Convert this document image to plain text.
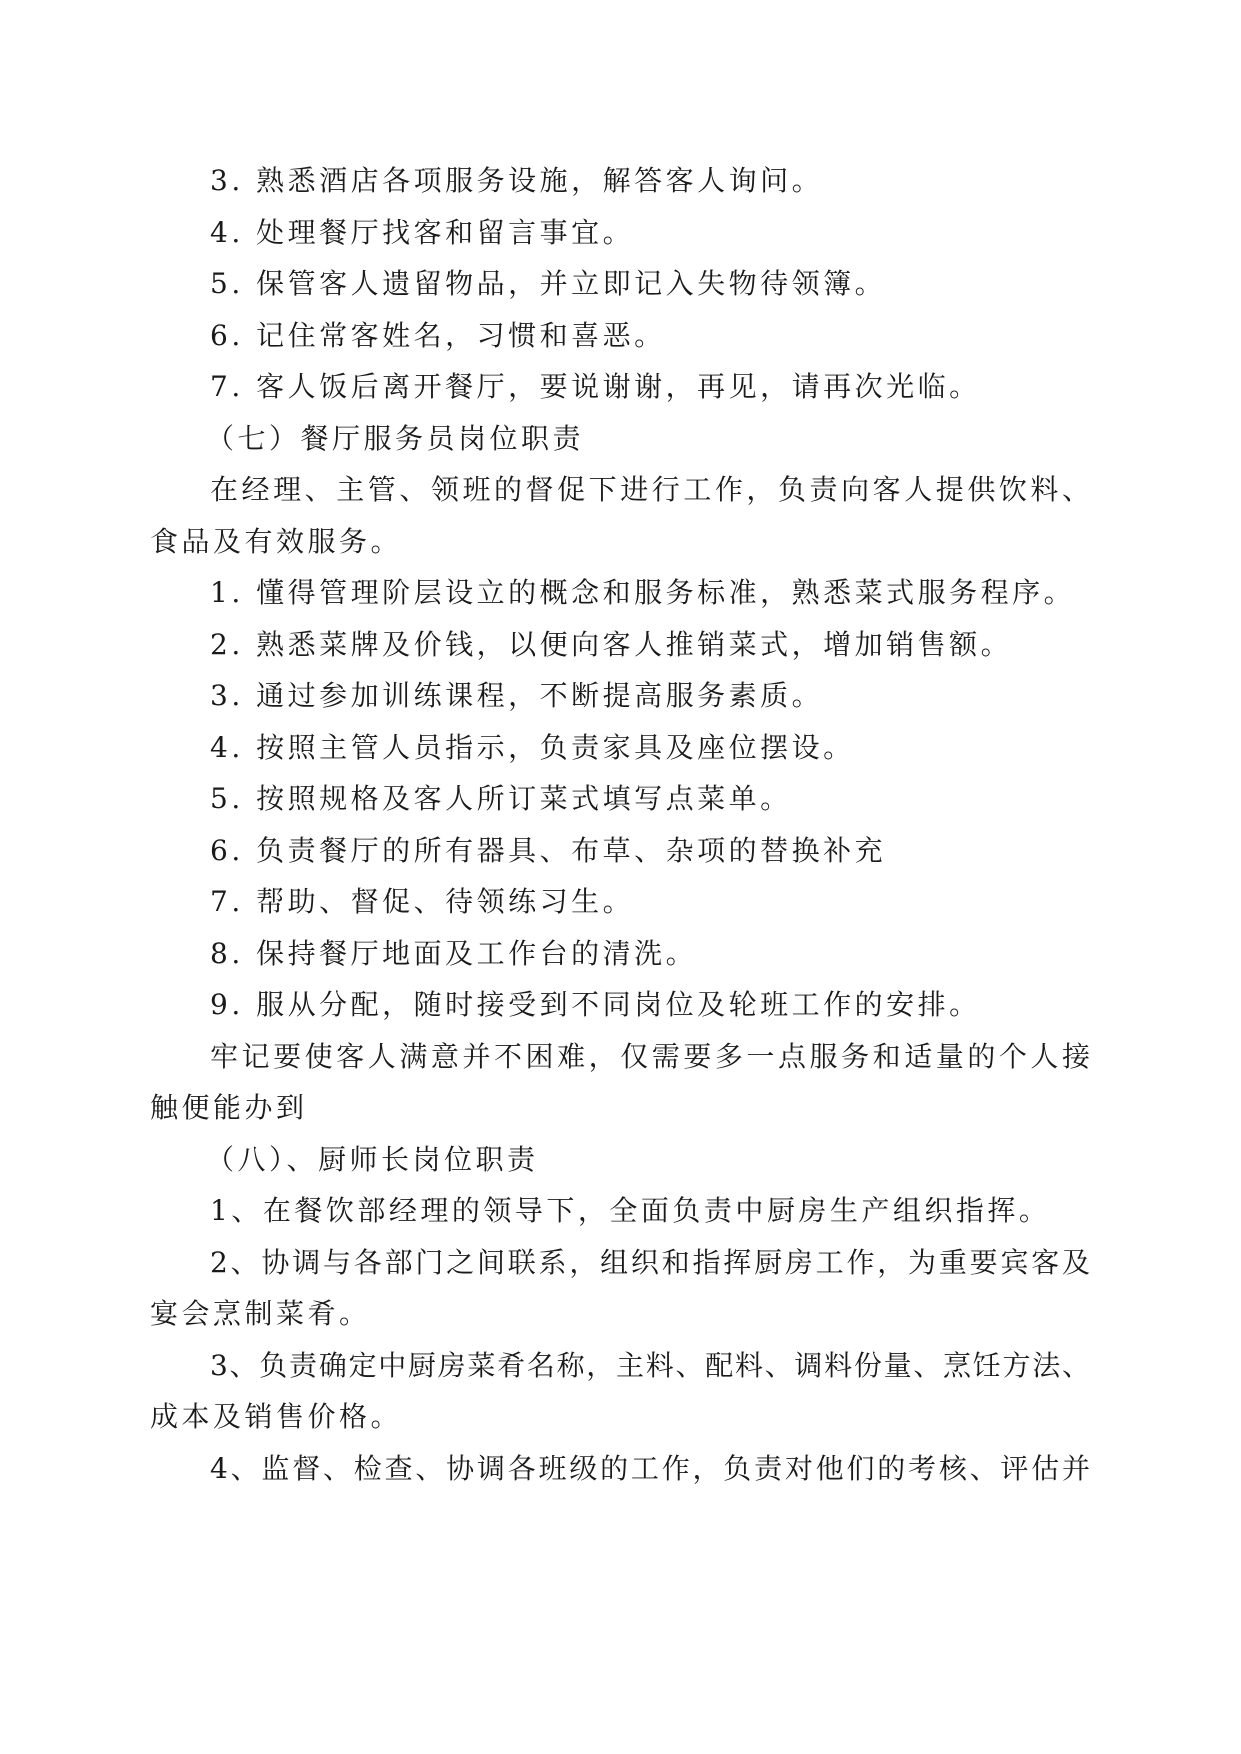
3. 熟悉酒店各项服务设施，解答客人询问。
4. 处理餐厅找客和留言事宜。
5. 保管客人遗留物品，并立即记入失物待领簿。
6. 记住常客姓名，习惯和喜恶。
7. 客人饭后离开餐厅，要说谢谢，再见，请再次光临。
（七）餐厅服务员岗位职责
在经理、主管、领班的督促下进行工作，负责向客人提供饮料、
食品及有效服务。
1. 懂得管理阶层设立的概念和服务标准，熟悉菜式服务程序。
2. 熟悉菜牌及价钱，以便向客人推销菜式，增加销售额。
3. 通过参加训练课程，不断提高服务素质。
4. 按照主管人员指示，负责家具及座位摆设。
5. 按照规格及客人所订菜式填写点菜单。
6. 负责餐厅的所有器具、布草、杂项的替换补充
7. 帮助、督促、待领练习生。
8. 保持餐厅地面及工作台的清洗。
9. 服从分配，随时接受到不同岗位及轮班工作的安排。
牢记要使客人满意并不困难，仅需要多一点服务和适量的个人接
触便能办到
（八）、厨师长岗位职责
1、在餐饮部经理的领导下，全面负责中厨房生产组织指挥。
2、协调与各部门之间联系，组织和指挥厨房工作，为重要宾客及
宴会烹制菜肴。
3、负责确定中厨房菜肴名称，主料、配料、调料份量、烹饪方法、
成本及销售价格。
4、监督、检查、协调各班级的工作，负责对他们的考核、评估并
